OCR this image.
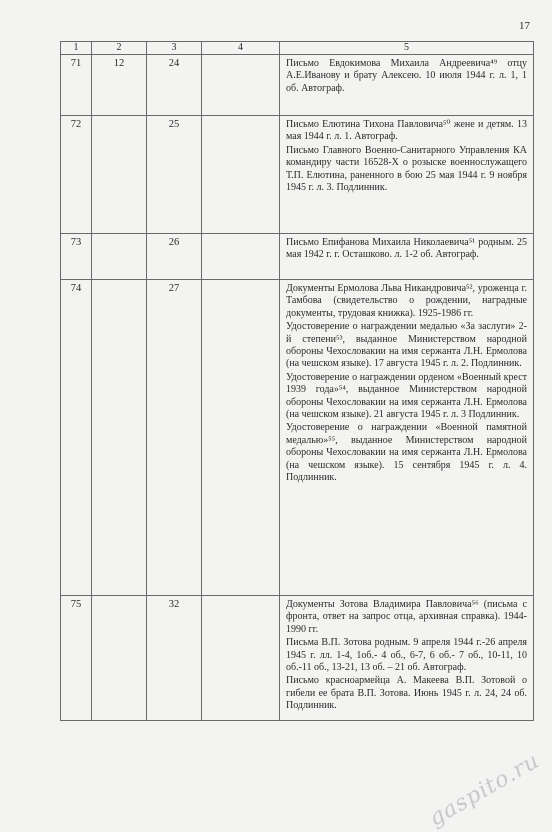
17
1	2	3	4	5
71	12	24		Письмо Евдокимова Михаила Андреевича⁴⁹ отцу А.Е.Иванову и брату Алексею. 10 июля 1944 г. л. 1, 1 об. Автограф.

72		25		Письмо Елютина Тихона Павловича⁵⁰ жене и детям. 13 мая 1944 г. л. 1. Автограф.
Письмо Главного Военно-Санитарного Управления КА командиру части 16528-Х о розыске военнослужащего Т.П. Елютина, раненного в бою 25 мая 1944 г. 9 ноября 1945 г. л. 3. Подлинник.

73		26		Письмо Епифанова Михаила Николаевича⁵¹ родным. 25 мая 1942 г. г. Осташково. л. 1-2 об. Автограф.

74		27		Документы Ермолова Льва Никандровича⁵², уроженца г. Тамбова (свидетельство о рождении, наградные документы, трудовая книжка). 1925-1986 гг.
Удостоверение о награждении медалью «За заслуги» 2-й степени⁵³, выданное Министерством народной обороны Чехословакии на имя сержанта Л.Н. Ермолова (на чешском языке). 17 августа 1945 г. л. 2. Подлинник.
Удостоверение о награждении орденом «Военный крест 1939 года»⁵⁴, выданное Министерством народной обороны Чехословакии на имя сержанта Л.Н. Ермолова (на чешском языке). 21 августа 1945 г. л. 3 Подлинник.
Удостоверение о награждении «Военной памятной медалью»⁵⁵, выданное Министерством народной обороны Чехословакии на имя сержанта Л.Н. Ермолова (на чешском языке). 15 сентября 1945 г. л. 4. Подлинник.

75		32		Документы Зотова Владимира Павловича⁵⁶ (письма с фронта, ответ на запрос отца, архивная справка). 1944-1990 гг.
Письма В.П. Зотова родным. 9 апреля 1944 г.-26 апреля 1945 г. лл. 1-4, 1об.- 4 об., 6-7, 6 об.- 7 об., 10-11, 10 об.-11 об., 13-21, 13 об. – 21 об. Автограф.
Письмо красноармейца А. Макеева В.П. Зотовой о гибели ее брата В.П. Зотова. Июнь 1945 г. л. 24, 24 об. Подлинник.
gaspito.ru
